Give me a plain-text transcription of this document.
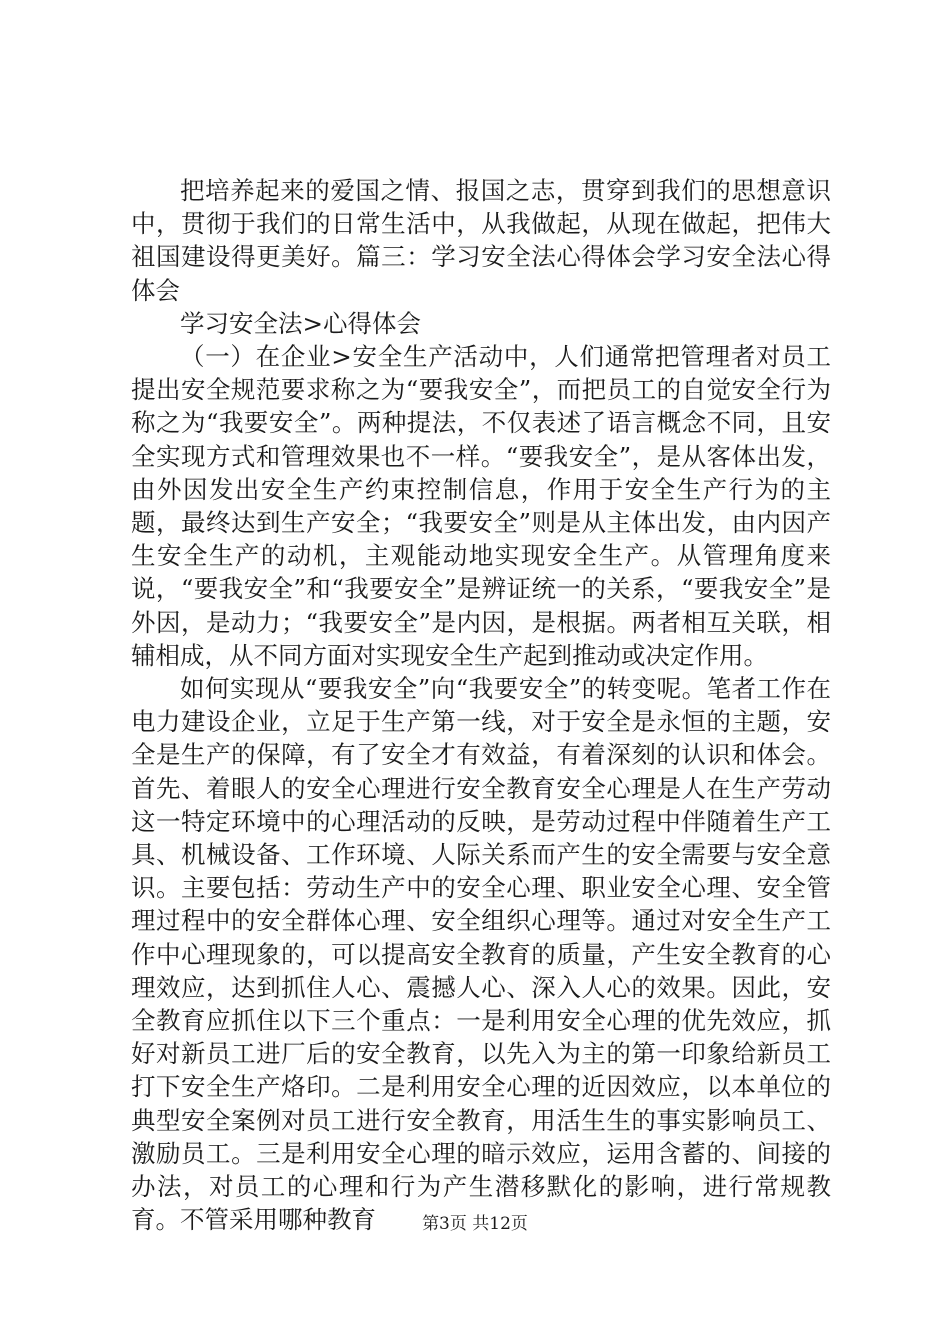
把培养起来的爱国之情、报国之志，贯穿到我们的思想意识中，贯彻于我们的日常生活中，从我做起，从现在做起，把伟大祖国建设得更美好。篇三：学习安全法心得体会学习安全法心得体会

学习安全法>心得体会

（一）在企业>安全生产活动中，人们通常把管理者对员工提出安全规范要求称之为“要我安全”，而把员工的自觉安全行为称之为“我要安全”。两种提法，不仅表述了语言概念不同，且安全实现方式和管理效果也不一样。“要我安全”，是从客体出发，由外因发出安全生产约束控制信息，作用于安全生产行为的主题，最终达到生产安全；“我要安全”则是从主体出发，由内因产生安全生产的动机，主观能动地实现安全生产。从管理角度来说，“要我安全”和“我要安全”是辨证统一的关系，“要我安全”是外因，是动力；“我要安全”是内因，是根据。两者相互关联，相辅相成，从不同方面对实现安全生产起到推动或决定作用。

如何实现从“要我安全”向“我要安全”的转变呢。笔者工作在电力建设企业，立足于生产第一线，对于安全是永恒的主题，安全是生产的保障，有了安全才有效益，有着深刻的认识和体会。首先、着眼人的安全心理进行安全教育安全心理是人在生产劳动这一特定环境中的心理活动的反映，是劳动过程中伴随着生产工具、机械设备、工作环境、人际关系而产生的安全需要与安全意识。主要包括：劳动生产中的安全心理、职业安全心理、安全管理过程中的安全群体心理、安全组织心理等。通过对安全生产工作中心理现象的，可以提高安全教育的质量，产生安全教育的心理效应，达到抓住人心、震撼人心、深入人心的效果。因此，安全教育应抓住以下三个重点：一是利用安全心理的优先效应，抓好对新员工进厂后的安全教育，以先入为主的第一印象给新员工打下安全生产烙印。二是利用安全心理的近因效应，以本单位的典型安全案例对员工进行安全教育，用活生生的事实影响员工、激励员工。三是利用安全心理的暗示效应，运用含蓄的、间接的办法，对员工的心理和行为产生潜移默化的影响，进行常规教育。不管采用哪种教育	第3页 共12页
